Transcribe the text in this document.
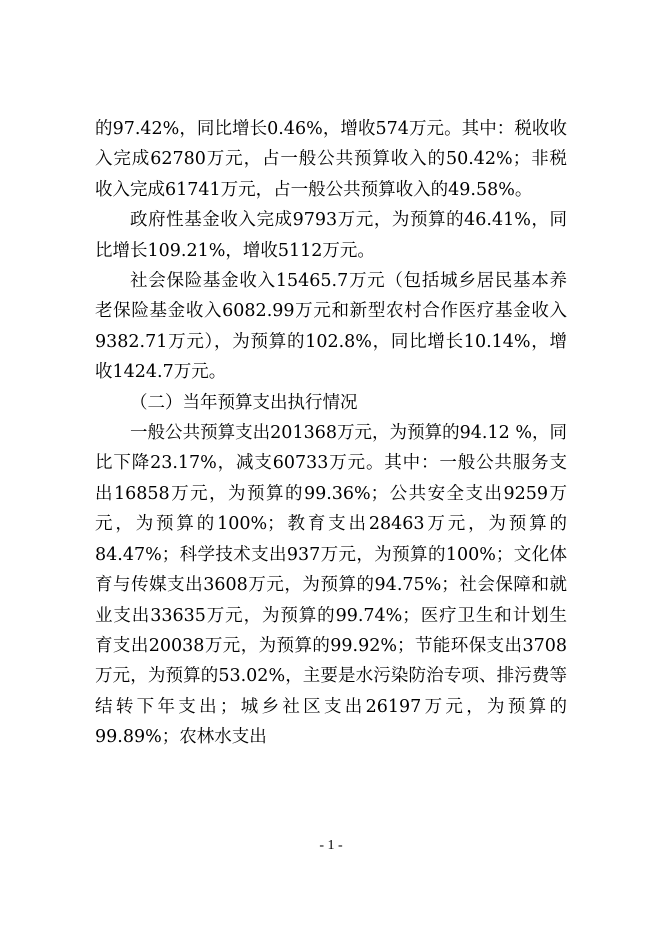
的97.42%，同比增长0.46%，增收574万元。其中：税收收入完成62780万元，占一般公共预算收入的50.42%；非税收入完成61741万元，占一般公共预算收入的49.58%。

政府性基金收入完成9793万元，为预算的46.41%，同比增长109.21%，增收5112万元。

社会保险基金收入15465.7万元（包括城乡居民基本养老保险基金收入6082.99万元和新型农村合作医疗基金收入9382.71万元），为预算的102.8%，同比增长10.14%，增收1424.7万元。

（二）当年预算支出执行情况

一般公共预算支出201368万元，为预算的94.12 %，同比下降23.17%，减支60733万元。其中：一般公共服务支出16858万元，为预算的99.36%；公共安全支出9259万元，为预算的100%；教育支出28463万元，为预算的84.47%；科学技术支出937万元，为预算的100%；文化体育与传媒支出3608万元，为预算的94.75%；社会保障和就业支出33635万元，为预算的99.74%；医疗卫生和计划生育支出20038万元，为预算的99.92%；节能环保支出3708万元，为预算的53.02%，主要是水污染防治专项、排污费等结转下年支出；城乡社区支出26197万元，为预算的99.89%；农林水支出

- 1 -
